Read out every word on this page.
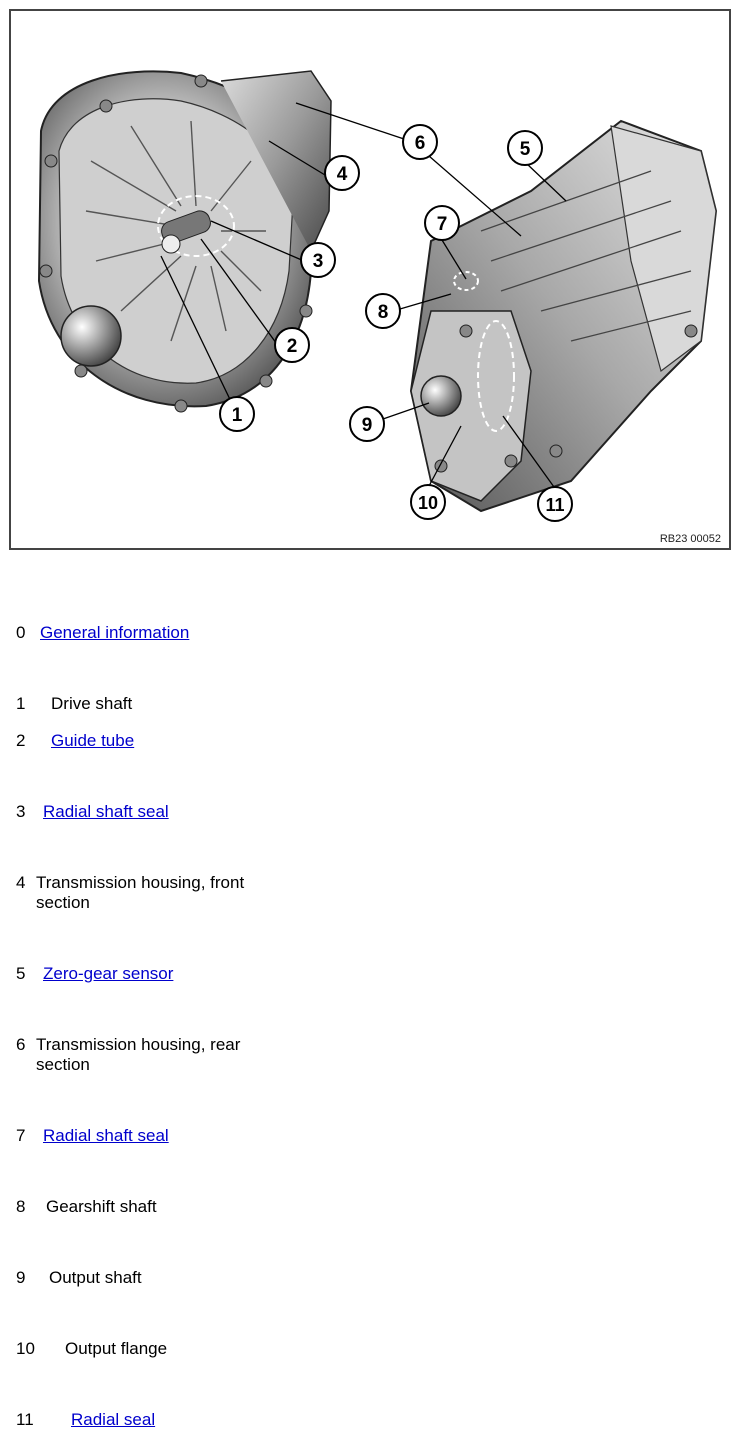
1
2
3
4
5
6
7
8
9
10	11
RB23 00052
0 General information
1 Drive shaft
2 Guide tube
3 Radial shaft seal
4 Transmission housing, front section
5 Zero-gear sensor
6 Transmission housing, rear section
7 Radial shaft seal
8 Gearshift shaft
9 Output shaft
10 Output flange
11 Radial seal
